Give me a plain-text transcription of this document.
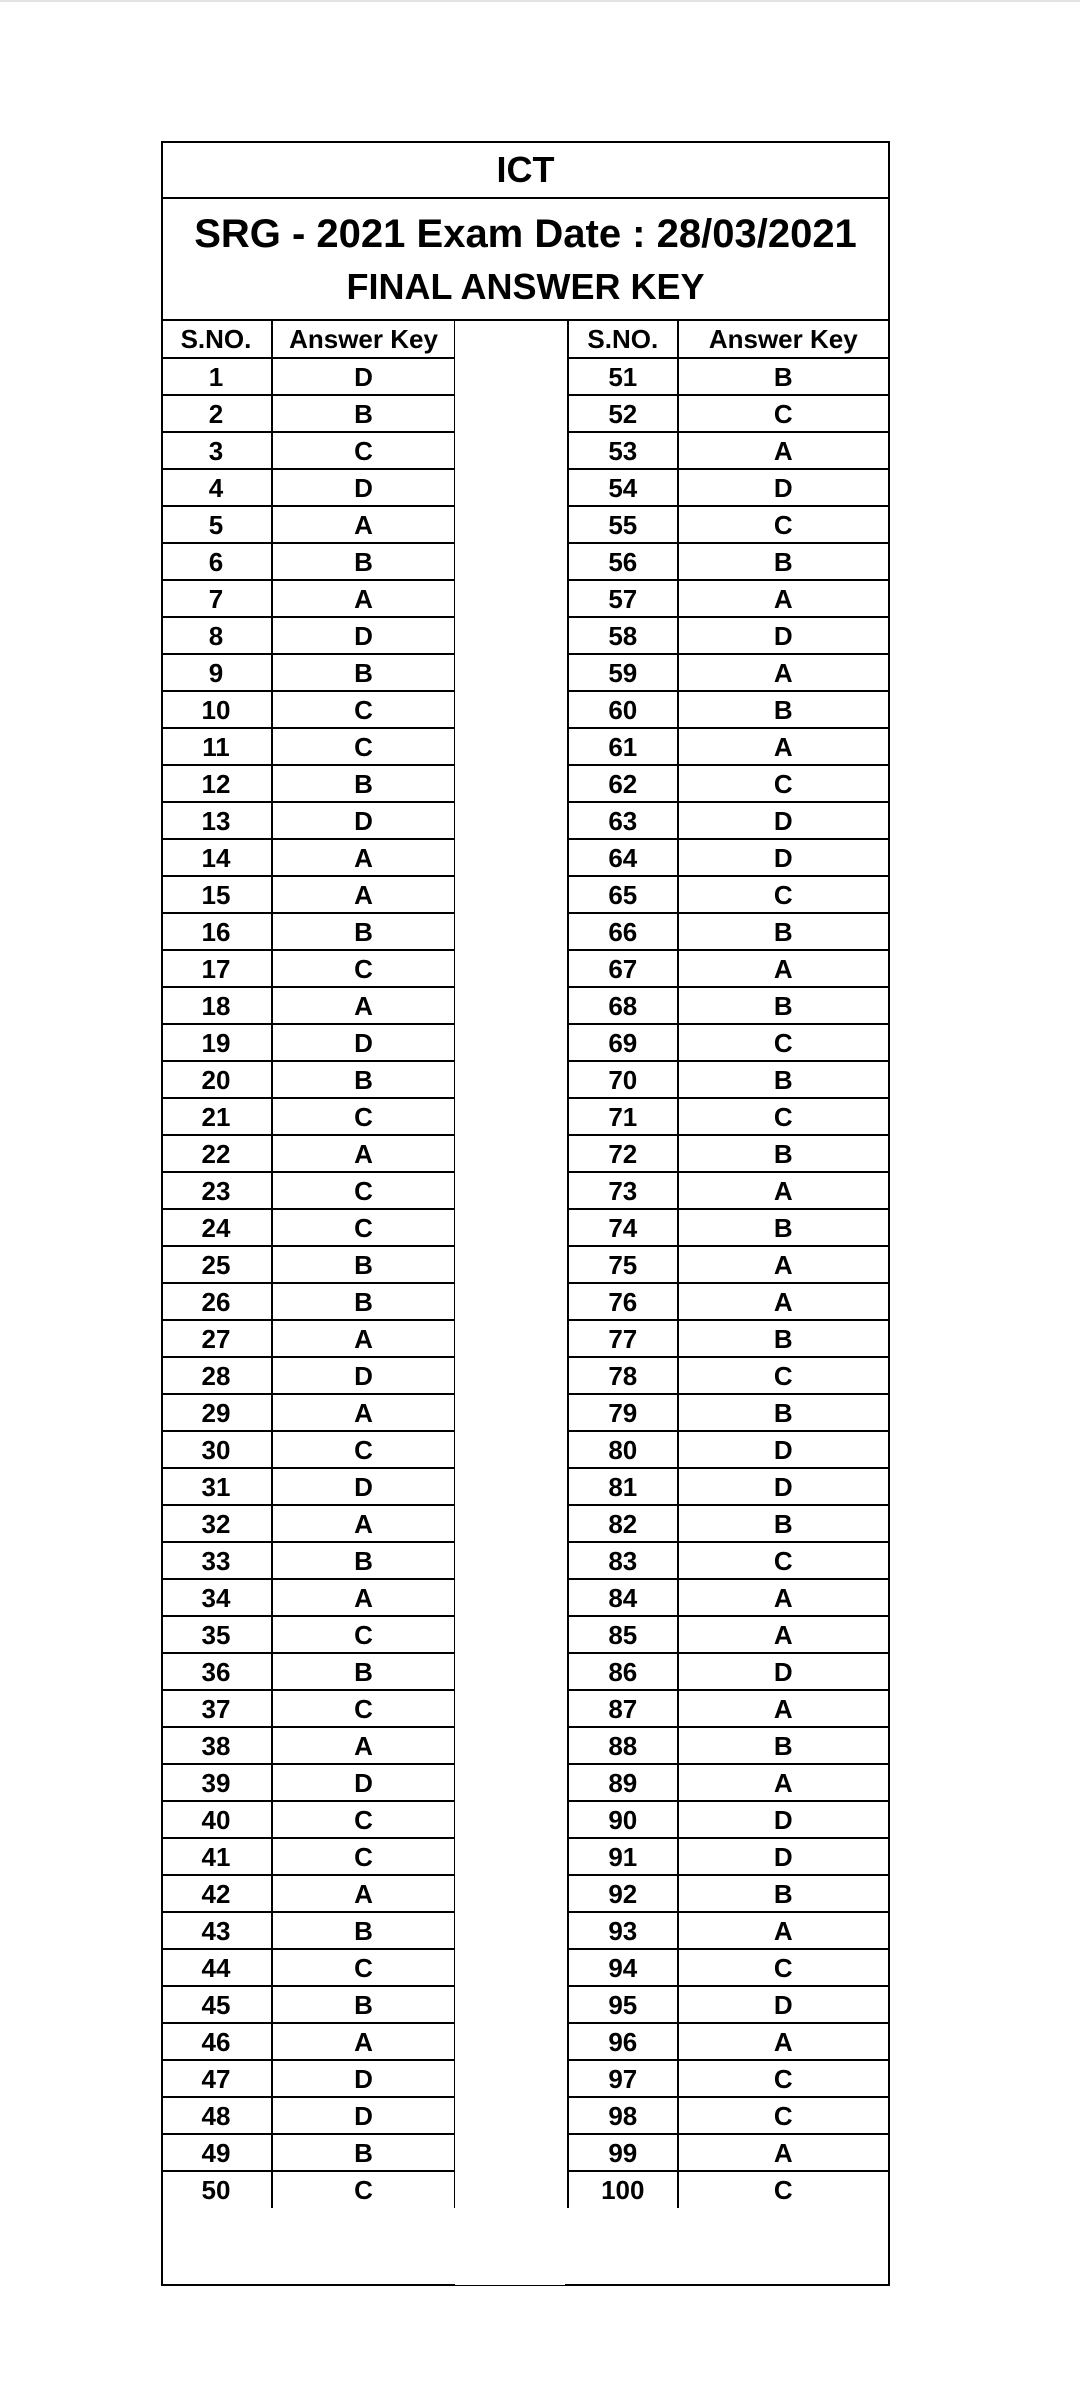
ICT
SRG - 2021 Exam Date : 28/03/2021
FINAL ANSWER KEY
S.NO.	Answer Key
1	D
2	B
3	C
4	D
5	A
6	B
7	A
8	D
9	B
10	C
11	C
12	B
13	D
14	A
15	A
16	B
17	C
18	A
19	D
20	B
21	C
22	A
23	C
24	C
25	B
26	B
27	A
28	D
29	A
30	C
31	D
32	A
33	B
34	A
35	C
36	B
37	C
38	A
39	D
40	C
41	C
42	A
43	B
44	C
45	B
46	A
47	D
48	D
49	B
50	C
S.NO.	Answer Key
51	B
52	C
53	A
54	D
55	C
56	B
57	A
58	D
59	A
60	B
61	A
62	C
63	D
64	D
65	C
66	B
67	A
68	B
69	C
70	B
71	C
72	B
73	A
74	B
75	A
76	A
77	B
78	C
79	B
80	D
81	D
82	B
83	C
84	A
85	A
86	D
87	A
88	B
89	A
90	D
91	D
92	B
93	A
94	C
95	D
96	A
97	C
98	C
99	A
100	C
